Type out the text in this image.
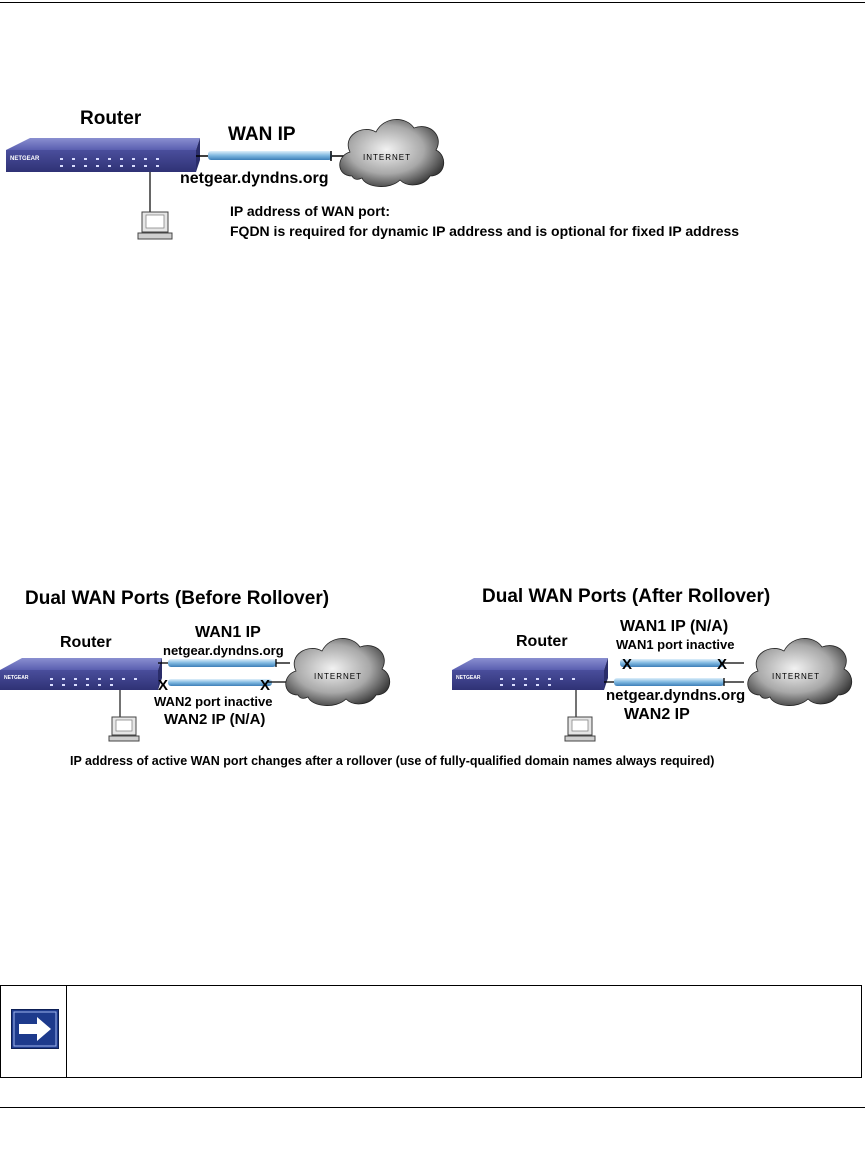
Router
NETGEAR
WAN IP
INTERNET
netgear.dyndns.org
IP address of WAN port:
FQDN is required for dynamic IP address and is optional for fixed IP address
Dual WAN Ports (Before Rollover)	Dual WAN Ports (After Rollover)
Router
WAN1 IP
netgear.dyndns.org
NETGEAR	X	X
WAN2 port inactive
WAN2 IP (N/A)
INTERNET
Router
WAN1 IP (N/A)
WAN1 port inactive
NETGEAR
X	X
netgear.dyndns.org
WAN2 IP
INTERNET
IP address of active WAN port changes after a rollover (use of fully-qualified domain names always required)
